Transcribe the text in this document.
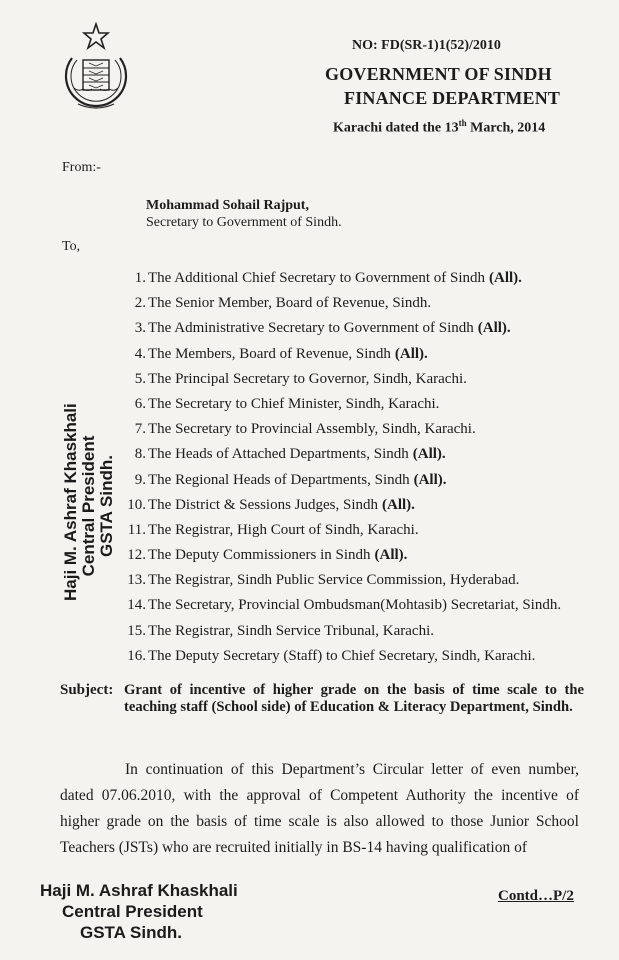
NO: FD(SR-1)1(52)/2010
GOVERNMENT OF SINDH
FINANCE DEPARTMENT
Karachi dated the 13th March, 2014
From:-
Mohammad Sohail Rajput,
Secretary to Government of Sindh.
To,
1. The Additional Chief Secretary to Government of Sindh (All).
2. The Senior Member, Board of Revenue, Sindh.
3. The Administrative Secretary to Government of Sindh (All).
4. The Members, Board of Revenue, Sindh (All).
5. The Principal Secretary to Governor, Sindh, Karachi.
6. The Secretary to Chief Minister, Sindh, Karachi.
7. The Secretary to Provincial Assembly, Sindh, Karachi.
8. The Heads of Attached Departments, Sindh (All).
9. The Regional Heads of Departments, Sindh (All).
10. The District & Sessions Judges, Sindh (All).
11. The Registrar, High Court of Sindh, Karachi.
12. The Deputy Commissioners in Sindh (All).
13. The Registrar, Sindh Public Service Commission, Hyderabad.
14. The Secretary, Provincial Ombudsman(Mohtasib) Secretariat, Sindh.
15. The Registrar, Sindh Service Tribunal, Karachi.
16. The Deputy Secretary (Staff) to Chief Secretary, Sindh, Karachi.
Haji M. Ashraf Khaskhali Central President GSTA Sindh.
Subject: Grant of incentive of higher grade on the basis of time scale to the teaching staff (School side) of Education & Literacy Department, Sindh.
In continuation of this Department’s Circular letter of even number, dated 07.06.2010, with the approval of Competent Authority the incentive of higher grade on the basis of time scale is also allowed to those Junior School Teachers (JSTs) who are recruited initially in BS-14 having qualification of
Haji M. Ashraf Khaskhali
Central President
GSTA Sindh.
Contd…P/2
